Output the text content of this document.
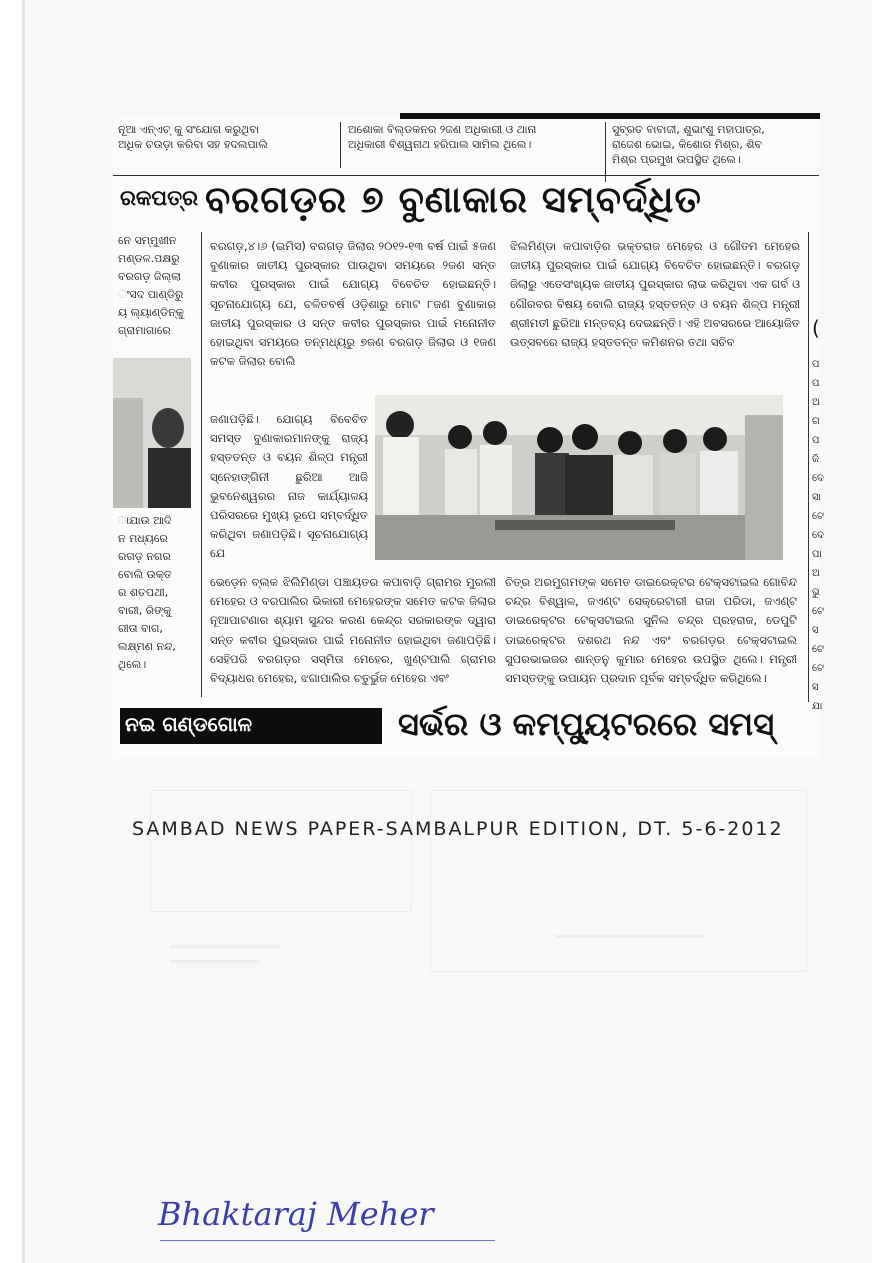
ନୂଆ ଏନ୍ଏଚ୍ କୁ ସଂଯୋଗ କରୁଥିବା
ଅଧିକ ଚଉଡ଼ା କରିବା ସହ ହଦଲପାଲି
ଅଶୋକା ବିଲ୍ଡକନର ୨ଜଣ ଅଧିକାରୀ ଓ ଥାନା
ଅଧିକାରୀ ବିଶ୍ୱନାଥ ହରିପାଲ ସାମିଲ ଥିଲେ।
ସୁବ୍ରତ ବାବାଜୀ, ଶୁଭାଂଶୁ ମହାପାତ୍ର,
ରାଜେଶ ଭୋଇ, କିଶୋର ମିଶ୍ର, ଶିବ
ମିଶ୍ର ପ୍ରମୁଖ ଉପସ୍ଥିତ ଥିଲେ।
ରକପତ୍ର ବରଗଡ଼ର ୭ ବୁଣାକାର ସମ୍ବର୍ଦ୍ଧିତ
ନେ ସମ୍ମୁଖୀନ
ମଣ୍ଡଳ.ପକ୍ଷରୁ
ବରଗଡ଼ ଜିଲ୍ଲା
ଂସଦ ପାଣ୍ଡିରୁ
ୟ ଲ୍ୟାଣ୍ଡିନ୍କୁ
ଗ୍ରାମାଗାରେ
ାଯାଉ ଆଦି
ନ ମଧ୍ୟରେ
ରଗଡ଼ ନଗର
ବୋଲି ଉକ୍ତ
ର ଶତପଥୀ,
ବାରୀ, ରିଙ୍କୁ
ରୀତା ବାଗ,
ଲକ୍ଷ୍ମଣ ନନ୍ଦ,
ଥିଲେ।
ବରଗଡ଼,୪।୬ (ଇମିସ) ବରଗଡ଼ ଜିଲାର ୨୦୧୨-୧୩ ବର୍ଷ ପାଇଁ ୫ଜଣ ବୁଣାକାର ଜାତୀୟ ପୁରସ୍କାର ପାଉଥିବା ସମୟରେ ୨ଜଣ ସନ୍ତ କବୀର ପୁରସ୍କାର ପାଇଁ ଯୋଗ୍ୟ ବିବେଚିତ ହୋଇଛନ୍ତି। ସୂଚନାଯୋଗ୍ୟ ଯେ, ଚଳିତବର୍ଷ ଓଡ଼ିଶାରୁ ମୋଟ ୮ଜଣ ବୁଣାକାର ଜାତୀୟ ପୁରସ୍କାର ଓ ସନ୍ତ କବୀର ପୁରସ୍କାର ପାଇଁ ମନୋନୀତ ହୋଇଥିବା ସମୟରେ ତନ୍ମଧ୍ୟରୁ ୭ଜଣ ବରଗଡ଼ ଜିଲାର ଓ ୧ଜଣ କଟକ ଜିଲାର ବୋଲି
ଜଣାପଡ଼ିଛି। ଯୋଗ୍ୟ ବିବେଚିତ ସମସ୍ତ ବୁଣାକାରମାନଙ୍କୁ ରାଜ୍ୟ ହସ୍ତତନ୍ତ ଓ ବୟନ ଶିଳ୍ପ ମନ୍ତ୍ରୀ ସ୍ନେହାଙ୍ଗିନୀ ଛୁରିଆ ଆଜି ଭୁବନେଶ୍ୱରର ନାଜ କାର୍ଯ୍ୟାଳୟ ପରିସରରେ ମୁଖ୍ୟ ରୂପେ ସମ୍ବର୍ଦ୍ଧିତ କରିଥିବା ଜଣାପଡ଼ିଛି। ସୂଚନାଯୋଗ୍ୟ ଯେ
ଭେଡ଼େନ ବ୍ଲକ ଝିଲିମିଣ୍ଡା ପଞ୍ଚାୟତର କପାବାଡ଼ି ଗ୍ରାମର ମୁରଲୀ ମେହେର ଓ ବରପାଲିର ଭିକାରୀ ମେହେରଙ୍କ ସମେତ କଟକ ଜିଲାର ନୂଆପାଟଣାର ଶ୍ୟାମ ସୁନ୍ଦର କରଣ କେନ୍ଦ୍ର ସରକାରଙ୍କ ଦ୍ୱାରା ସନ୍ତ କବୀର ପୁରସ୍କାର ପାଇଁ ମନୋନୀତ ହୋଇଥିବା ଜଣାପଡ଼ିଛି। ସେହିପରି ବରଗଡ଼ର ସସ୍ମିତା ମେହେର, ଖୁଣ୍ଟପାଲି ଗ୍ରାମର ବିଦ୍ୟାଧର ମେହେର, ଝଗାପାଲିର ଚତୁର୍ଭୁଜ ମେହେର ଏବଂ
ଝିଲମିଣ୍ଡା କପାବାଡ଼ିର ଭକ୍ତରାଜ ମେହେର ଓ ଗୌତମ ମେହେର ଜାତୀୟ ପୁରସ୍କାର ପାଇଁ ଯୋଗ୍ୟ ବିବେଚିତ ହୋଇଛନ୍ତି। ବରଗଡ଼ ଜିଲାରୁ ଏତେସଂଖ୍ୟକ ଜାତୀୟ ପୁରସ୍କାର ଲାଭ କରିଥିବା ଏକ ଗର୍ବ ଓ ଗୌରବର ବିଷୟ ବୋଲି ରାଜ୍ୟ ହସ୍ତତନ୍ତ ଓ ବୟନ ଶିଳ୍ପ ମନ୍ତ୍ରୀ ଶ୍ରୀମତୀ ଛୁରିଆ ମନ୍ତବ୍ୟ ଦେଇଛନ୍ତି। ଏହି ଅବସରରେ ଆୟୋଜିତ ଉତ୍ସବରେ ରାଜ୍ୟ ହସ୍ତତନ୍ତ କମିଶନର ତଥା ସଚିବ
ଚିତ୍ର ଅରମୁଗମଙ୍କ ସମେତ ଡାଇରେକ୍ଟର ଟେକ୍ସଟାଇଲ ଗୋବିନ୍ଦ ଚନ୍ଦ୍ର ବିଶ୍ୱାଳ, ଜଏଣ୍ଟ ସେକ୍ରେଟାରୀ ରାଜା ପରିଡା, ଜଏଣ୍ଟ ଡାଇରେକ୍ଟର ଟେକ୍ସଟାଇଲ ସୁନିଲ ଚନ୍ଦ୍ର ପ୍ରହରାଜ, ଡେପୁଟି ଡାଇରେକ୍ଟର ଦଶରଥ ନନ୍ଦ ଏବଂ ବରଗଡ଼ର ଟେକ୍ସଟାଇଲ ସୁପରଭାଇଜର ଶାନ୍ତନୁ କୁମାର ମେହେର ଉପସ୍ଥିତ ଥିଲେ। ମନ୍ତ୍ରୀ ସମସ୍ତଙ୍କୁ ଉପାୟନ ପ୍ରଦାନ ପୂର୍ବକ ସମ୍ବର୍ଦ୍ଧିତ କରିଥିଲେ।
ପ
ପ
ଅ
ଗ
ପ
ଜି
ଦେ
ସା
ଟେ
ଦେ
ପା
ଅ
ଭୁ
ଟେ
ସ
ଟେ
ଟେ
ସ
ଯା
(
ନଇ ଗଣ୍ଡଗୋଳ	ସର୍ଭର ଓ କମ୍ପ୍ୟୁଟରରେ ସମସ୍
SAMBAD NEWS PAPER-SAMBALPUR EDITION, DT. 5-6-2012
Bhaktaraj Meher
